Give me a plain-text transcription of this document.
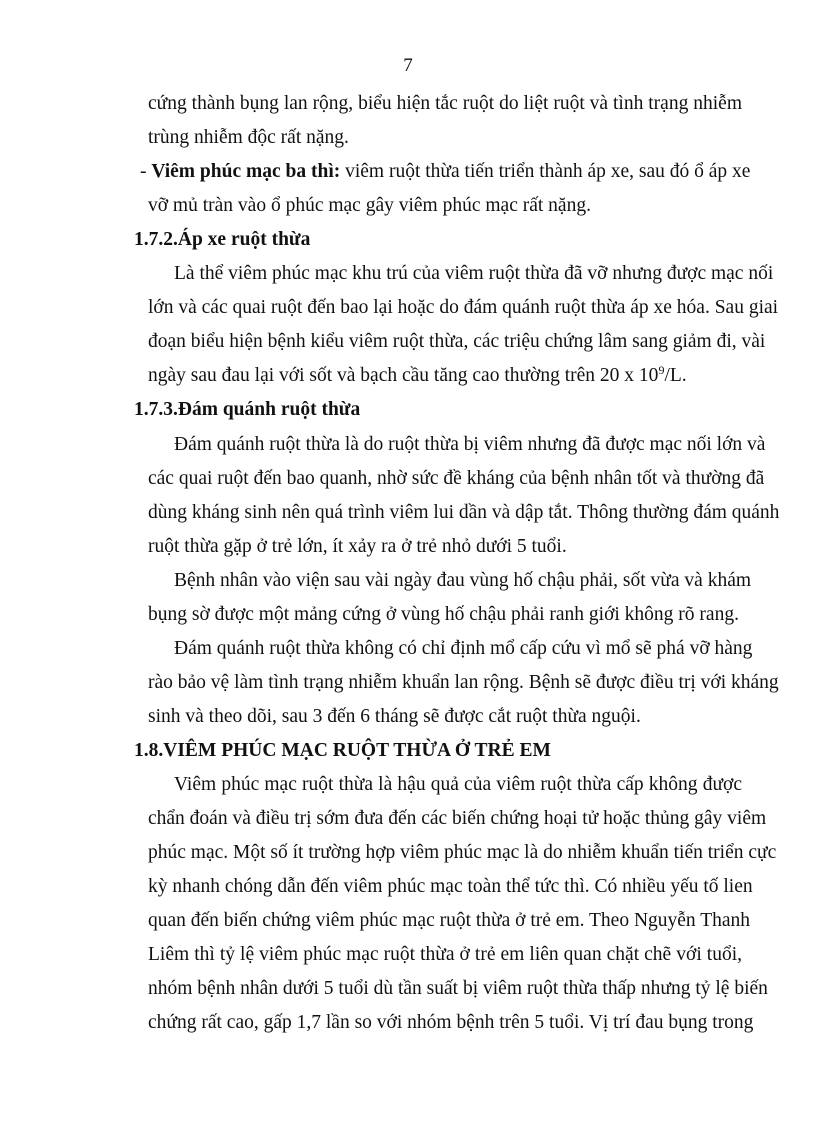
7
cứng thành bụng lan rộng, biểu hiện tắc ruột do liệt ruột và tình trạng nhiễm
trùng nhiễm độc rất nặng.
- Viêm phúc mạc ba thì: viêm ruột thừa tiến triển thành áp xe, sau đó ổ áp xe
vỡ mủ tràn vào ổ phúc mạc gây viêm phúc mạc rất nặng.
1.7.2.Áp xe ruột thừa
Là thể viêm phúc mạc khu trú của viêm ruột thừa đã vỡ nhưng được mạc nối
lớn và các quai ruột đến bao lại hoặc do đám quánh ruột thừa áp xe hóa. Sau giai
đoạn biểu hiện bệnh kiểu viêm ruột thừa, các triệu chứng lâm sang giảm đi, vài
ngày sau đau lại với sốt và bạch cầu tăng cao thường trên 20 x $10^9/L$.
1.7.3.Đám quánh ruột thừa
Đám quánh ruột thừa là do ruột thừa bị viêm nhưng đã được mạc nối lớn và
các quai ruột đến bao quanh, nhờ sức đề kháng của bệnh nhân tốt và thường đã
dùng kháng sinh nên quá trình viêm lui dần và dập tắt. Thông thường đám quánh
ruột thừa gặp ở trẻ lớn, ít xảy ra ở trẻ nhỏ dưới 5 tuổi.
Bệnh nhân vào viện sau vài ngày đau vùng hố chậu phải, sốt vừa và khám
bụng sờ được một mảng cứng ở vùng hố chậu phải ranh giới không rõ rang.
Đám quánh ruột thừa không có chỉ định mổ cấp cứu vì mổ sẽ phá vỡ hàng
rào bảo vệ làm tình trạng nhiễm khuẩn lan rộng. Bệnh sẽ được điều trị với kháng
sinh và theo dõi, sau 3 đến 6 tháng sẽ được cắt ruột thừa nguội.
1.8.VIÊM PHÚC MẠC RUỘT THỪA Ở TRẺ EM
Viêm phúc mạc ruột thừa là hậu quả của viêm ruột thừa cấp không được
chẩn đoán và điều trị sớm đưa đến các biến chứng hoại tử hoặc thủng gây viêm
phúc mạc. Một số ít trường hợp viêm phúc mạc là do nhiễm khuẩn tiến triển cực
kỳ nhanh chóng dẫn đến viêm phúc mạc toàn thể tức thì. Có nhiều yếu tố lien
quan đến biến chứng viêm phúc mạc ruột thừa ở trẻ em. Theo Nguyễn Thanh
Liêm thì tỷ lệ viêm phúc mạc ruột thừa ở trẻ em liên quan chặt chẽ với tuổi,
nhóm bệnh nhân dưới 5 tuổi dù tần suất bị viêm ruột thừa thấp nhưng tỷ lệ biến
chứng rất cao, gấp 1,7 lần so với nhóm bệnh trên 5 tuổi. Vị trí đau bụng trong
